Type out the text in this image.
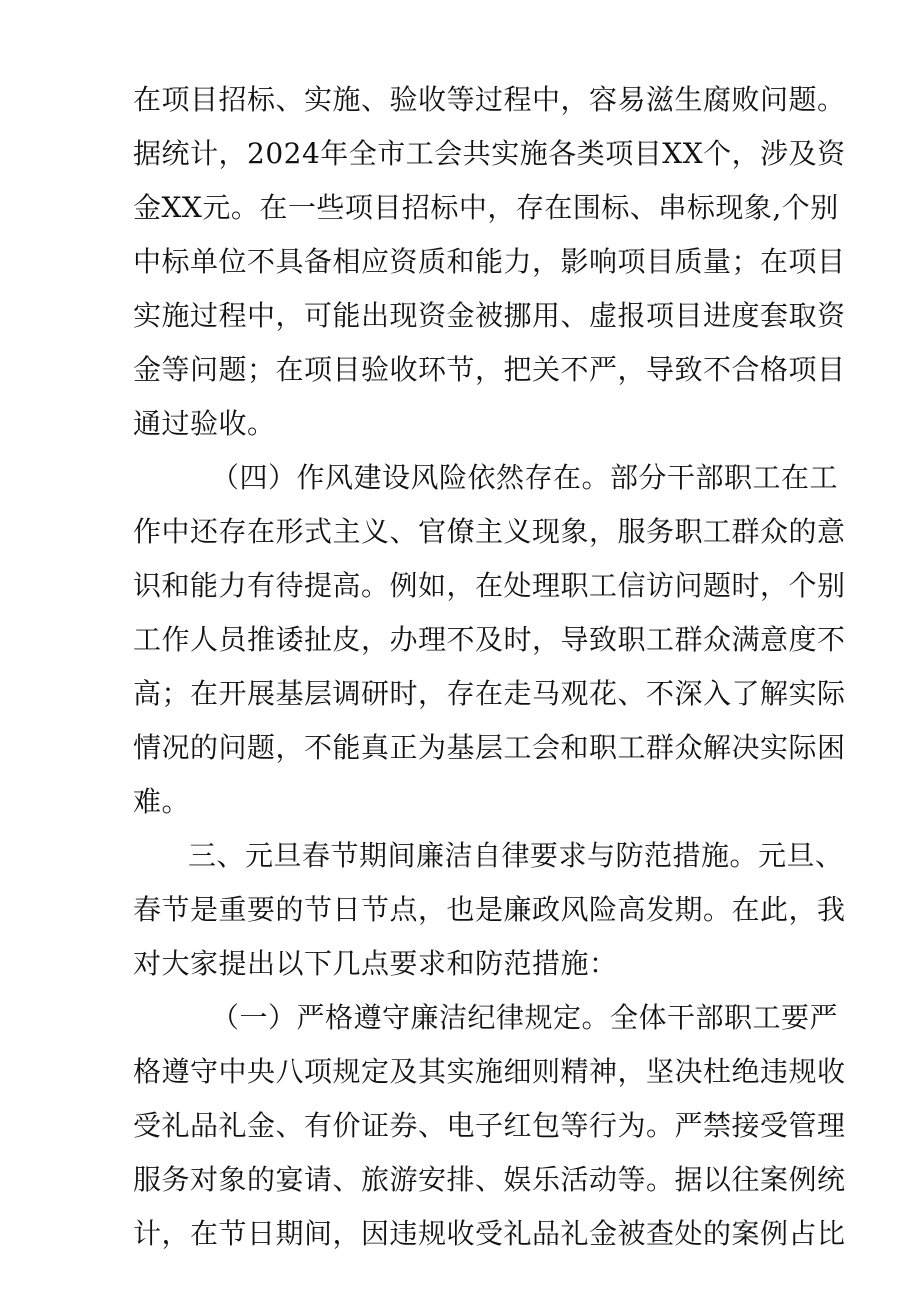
在项目招标、实施、验收等过程中，容易滋生腐败问题。
据统计，2024年全市工会共实施各类项目XX个，涉及资
金XX元。在一些项目招标中，存在围标、串标现象,个别
中标单位不具备相应资质和能力，影响项目质量；在项目
实施过程中，可能出现资金被挪用、虚报项目进度套取资
金等问题；在项目验收环节，把关不严，导致不合格项目
通过验收。
（四）作风建设风险依然存在。部分干部职工在工
作中还存在形式主义、官僚主义现象，服务职工群众的意
识和能力有待提高。例如，在处理职工信访问题时，个别
工作人员推诿扯皮，办理不及时，导致职工群众满意度不
高；在开展基层调研时，存在走马观花、不深入了解实际
情况的问题，不能真正为基层工会和职工群众解决实际困
难。
三、元旦春节期间廉洁自律要求与防范措施。元旦、
春节是重要的节日节点，也是廉政风险高发期。在此，我
对大家提出以下几点要求和防范措施：
（一）严格遵守廉洁纪律规定。全体干部职工要严
格遵守中央八项规定及其实施细则精神，坚决杜绝违规收
受礼品礼金、有价证券、电子红包等行为。严禁接受管理
服务对象的宴请、旅游安排、娱乐活动等。据以往案例统
计，在节日期间，因违规收受礼品礼金被查处的案例占比
